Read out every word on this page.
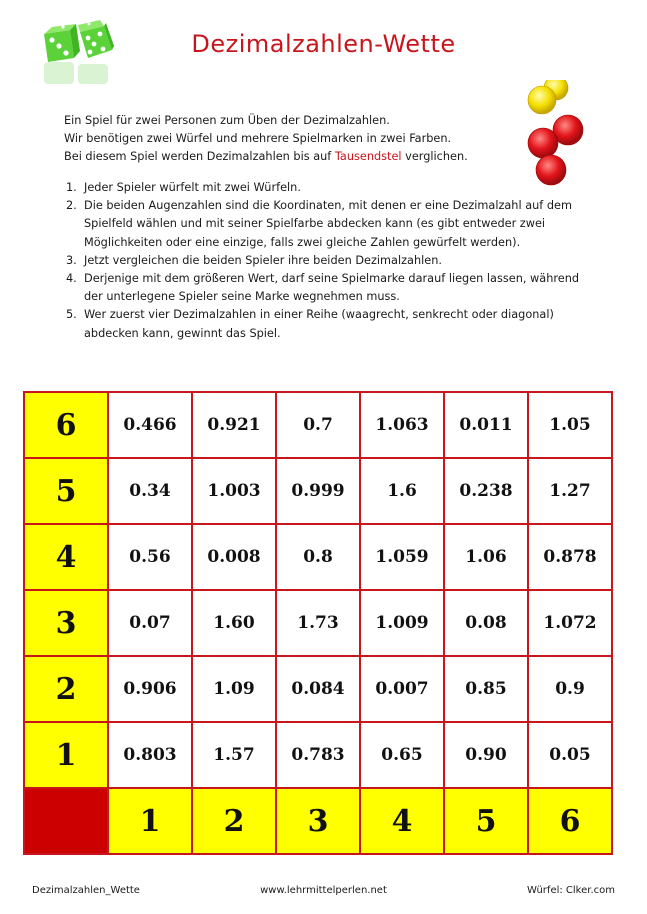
Dezimalzahlen-Wette

Ein Spiel für zwei Personen zum Üben der Dezimalzahlen.

Wir benötigen zwei Würfel und mehrere Spielmarken in zwei Farben.

Bei diesem Spiel werden Dezimalzahlen bis auf Tausendstel verglichen.

1. Jeder Spieler würfelt mit zwei Würfeln.
2. Die beiden Augenzahlen sind die Koordinaten, mit denen er eine Dezimalzahl auf dem Spielfeld wählen und mit seiner Spielfarbe abdecken kann (es gibt entweder zwei Möglichkeiten oder eine einzige, falls zwei gleiche Zahlen gewürfelt werden).
3. Jetzt vergleichen die beiden Spieler ihre beiden Dezimalzahlen.
4. Derjenige mit dem größeren Wert, darf seine Spielmarke darauf liegen lassen, während der unterlegene Spieler seine Marke wegnehmen muss.
5. Wer zuerst vier Dezimalzahlen in einer Reihe (waagrecht, senkrecht oder diagonal) abdecken kann, gewinnt das Spiel.
6	0.466	0.921	0.7	1.063	0.011	1.05
5	0.34	1.003	0.999	1.6	0.238	1.27
4	0.56	0.008	0.8	1.059	1.06	0.878
3	0.07	1.60	1.73	1.009	0.08	1.072
2	0.906	1.09	0.084	0.007	0.85	0.9
1	0.803	1.57	0.783	0.65	0.90	0.05
	1	2	3	4	5	6
Dezimalzahlen_Wette	www.lehrmittelperlen.net	Würfel: Clker.com
